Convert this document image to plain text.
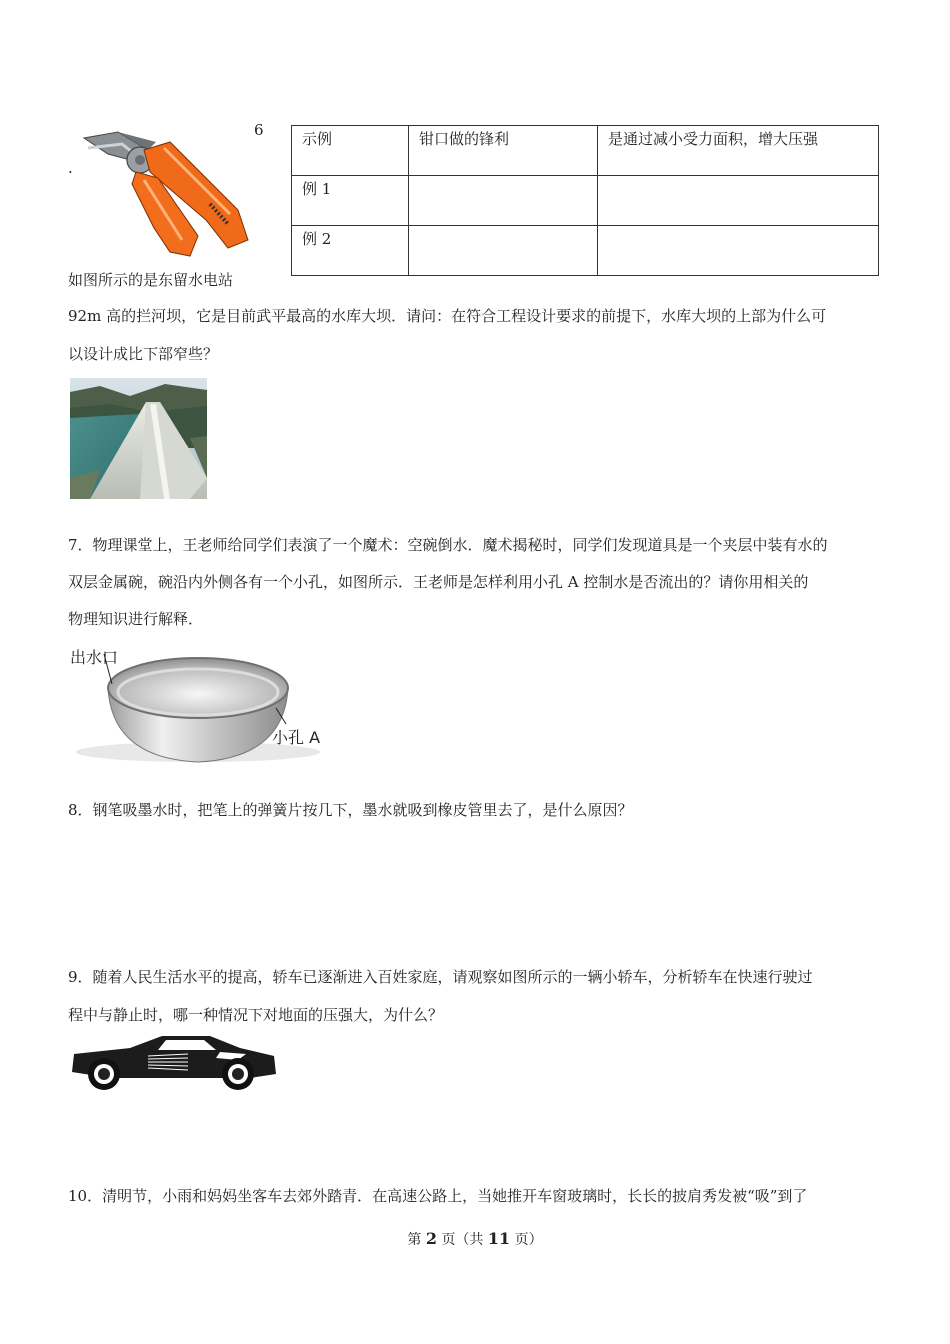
6
.
示例	钳口做的锋利	是通过减小受力面积，增大压强
例 1		
例 2		
如图所示的是东留水电站
92m 高的拦河坝，它是目前武平最高的水库大坝．请问：在符合工程设计要求的前提下，水库大坝的上部为什么可
以设计成比下部窄些？
7．物理课堂上，王老师给同学们表演了一个魔术：空碗倒水．魔术揭秘时，同学们发现道具是一个夹层中装有水的
双层金属碗，碗沿内外侧各有一个小孔，如图所示．王老师是怎样利用小孔 A 控制水是否流出的？请你用相关的
物理知识进行解释．
出水口
小孔 A
8．钢笔吸墨水时，把笔上的弹簧片按几下，墨水就吸到橡皮管里去了，是什么原因？
9．随着人民生活水平的提高，轿车已逐渐进入百姓家庭，请观察如图所示的一辆小轿车，分析轿车在快速行驶过
程中与静止时，哪一种情况下对地面的压强大，为什么？
10．清明节，小雨和妈妈坐客车去郊外踏青．在高速公路上，当她推开车窗玻璃时，长长的披肩秀发被“吸”到了
第 2 页（共 11 页）
